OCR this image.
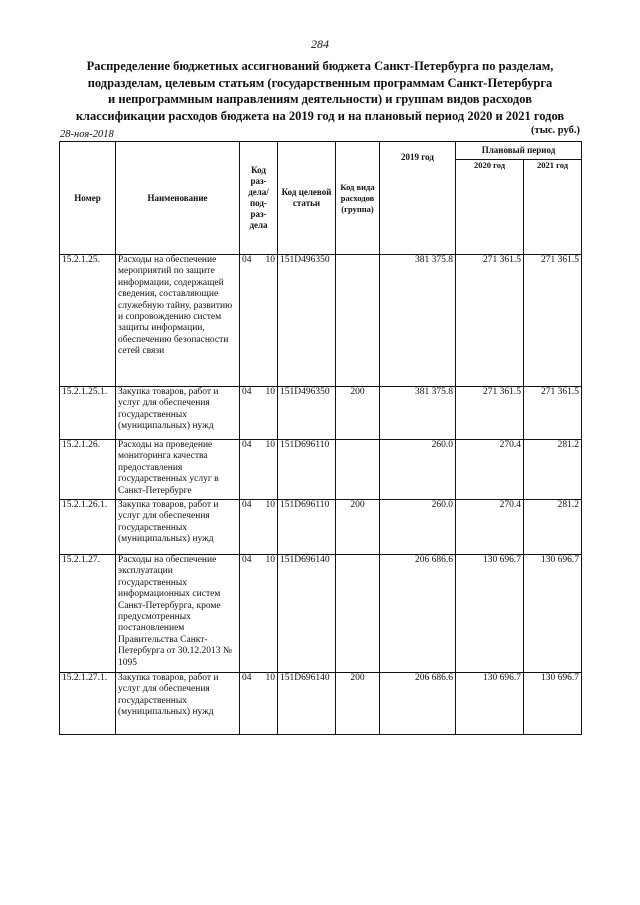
284
Распределение бюджетных ассигнований бюджета Санкт-Петербурга по разделам,
подразделам, целевым статьям (государственным программам Санкт-Петербурга
и непрограммным направлениям деятельности) и группам видов расходов
классификации расходов бюджета на 2019 год и на плановый период 2020 и 2021 годов
28-ноя-2018	(тыс. руб.)
Номер	Наименование	Код раз-дела/ под-раз-дела	Код целевой статьи	Код вида расходов (группа)	2019 год	Плановый период	
						2020 год	2021 год
15.2.1.25.	Расходы на обеспечение мероприятий по защите информации, содержащей сведения, составляющие служебную тайну, развитию и сопровождению систем защиты информации, обеспечению безопасности сетей связи	04 10	151D496350		381 375.8	271 361.5	271 361.5
15.2.1.25.1.	Закупка товаров, работ и услуг для обеспечения государственных (муниципальных) нужд	04 10	151D496350	200	381 375.8	271 361.5	271 361.5
15.2.1.26.	Расходы на проведение мониторинга качества предоставления государственных услуг в Санкт-Петербурге	04 10	151D696110		260.0	270.4	281.2
15.2.1.26.1.	Закупка товаров, работ и услуг для обеспечения государственных (муниципальных) нужд	04 10	151D696110	200	260.0	270.4	281.2
15.2.1.27.	Расходы на обеспечение эксплуатации государственных информационных систем Санкт-Петербурга, кроме предусмотренных постановлением Правительства Санкт-Петербурга от 30.12.2013 № 1095	04 10	151D696140		206 686.6	130 696.7	130 696.7
15.2.1.27.1.	Закупка товаров, работ и услуг для обеспечения государственных (муниципальных) нужд	04 10	151D696140	200	206 686.6	130 696.7	130 696.7
